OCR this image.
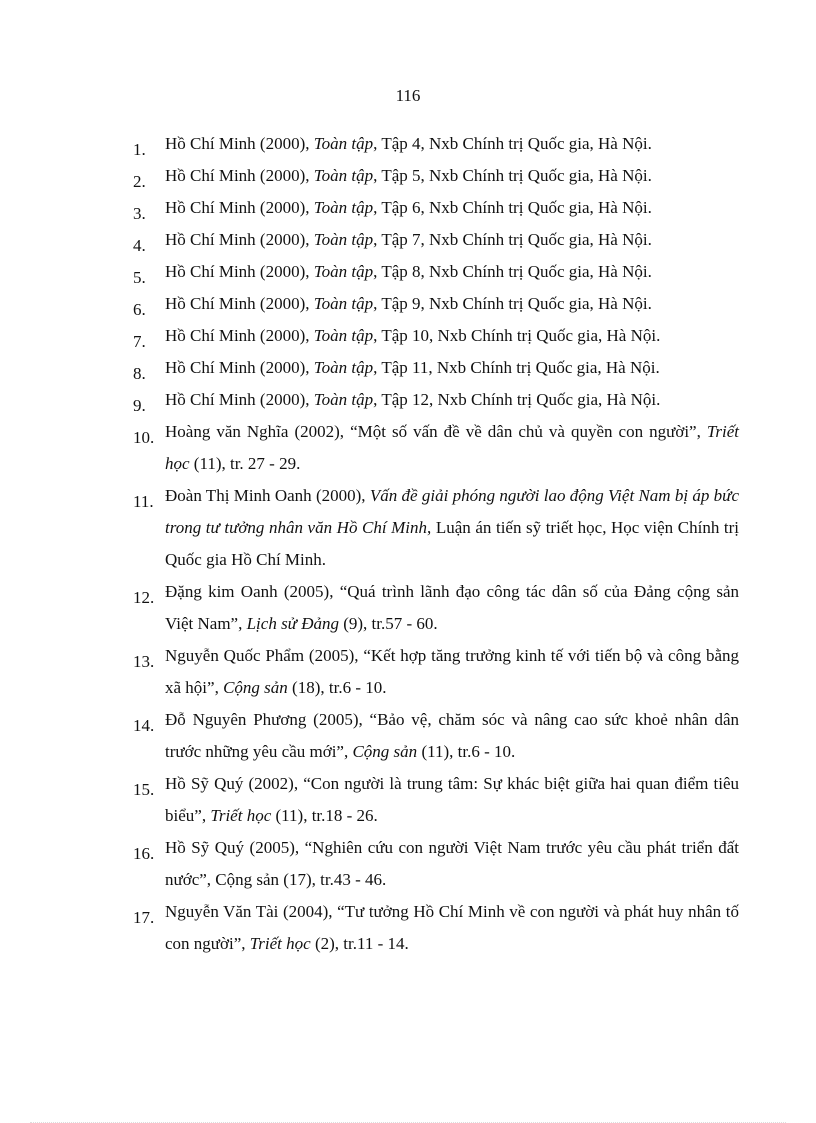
116
1. Hồ Chí Minh (2000), Toàn tập, Tập 4, Nxb Chính trị Quốc gia, Hà Nội.
2. Hồ Chí Minh (2000), Toàn tập, Tập 5, Nxb Chính trị Quốc gia, Hà Nội.
3. Hồ Chí Minh (2000), Toàn tập, Tập 6, Nxb Chính trị Quốc gia, Hà Nội.
4. Hồ Chí Minh (2000), Toàn tập, Tập 7, Nxb Chính trị Quốc gia, Hà Nội.
5. Hồ Chí Minh (2000), Toàn tập, Tập 8, Nxb Chính trị Quốc gia, Hà Nội.
6. Hồ Chí Minh (2000), Toàn tập, Tập 9, Nxb Chính trị Quốc gia, Hà Nội.
7. Hồ Chí Minh (2000), Toàn tập, Tập 10, Nxb Chính trị Quốc gia, Hà Nội.
8. Hồ Chí Minh (2000), Toàn tập, Tập 11, Nxb Chính trị Quốc gia, Hà Nội.
9. Hồ Chí Minh (2000), Toàn tập, Tập 12, Nxb Chính trị Quốc gia, Hà Nội.
10. Hoàng văn Nghĩa (2002), “Một số vấn đề về dân chủ và quyền con người”, Triết học (11), tr. 27 - 29.
11. Đoàn Thị Minh Oanh (2000), Vấn đề giải phóng người lao động Việt Nam bị áp bức trong tư tưởng nhân văn Hồ Chí Minh, Luận án tiến sỹ triết học, Học viện Chính trị Quốc gia Hồ Chí Minh.
12. Đặng kim Oanh (2005), “Quá trình lãnh đạo công tác dân số của Đảng cộng sản Việt Nam”, Lịch sử Đảng (9), tr.57 - 60.
13. Nguyễn Quốc Phẩm (2005), “Kết hợp tăng trưởng kinh tế với tiến bộ và công bằng xã hội”, Cộng sản (18), tr.6 - 10.
14. Đỗ Nguyên Phương (2005), “Bảo vệ, chăm sóc và nâng cao sức khoẻ nhân dân trước những yêu cầu mới”, Cộng sản (11), tr.6 - 10.
15. Hồ Sỹ Quý (2002), “Con người là trung tâm: Sự khác biệt giữa hai quan điểm tiêu biểu”, Triết học (11), tr.18 - 26.
16. Hồ Sỹ Quý (2005), “Nghiên cứu con người Việt Nam trước yêu cầu phát triển đất nước”, Cộng sản (17), tr.43 - 46.
17. Nguyễn Văn Tài (2004), “Tư tưởng Hồ Chí Minh về con người và phát huy nhân tố con người”, Triết học (2), tr.11 - 14.
